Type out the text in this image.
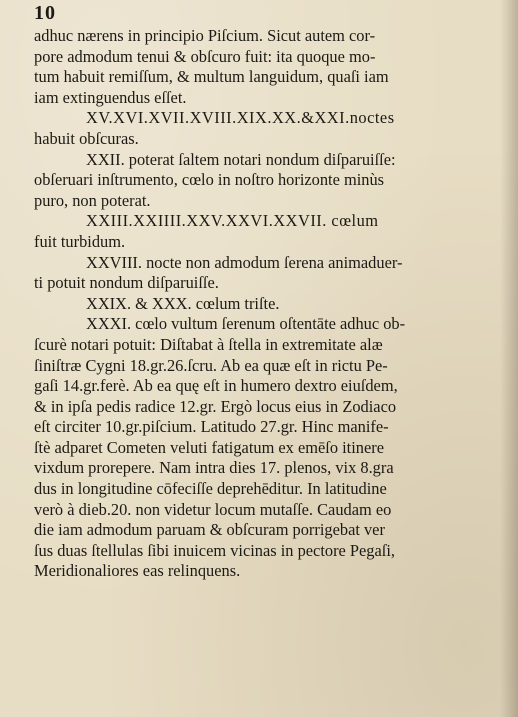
10
adhuc nærens in principio Piſcium. Sicut autem cor-
pore admodum tenui & obſcuro fuit: ita quoque mo-
tum habuit remiſſum, & multum languidum, quaſi iam
iam extinguendus eſſet.
XV.XVI.XVII.XVIII.XIX.XX.&XXI.noctes
habuit obſcuras.
XXII. poterat ſaltem notari nondum diſparuiſſe:
obſeruari inſtrumento, cœlo in noſtro horizonte minùs
puro, non poterat.
XXIII.XXIIII.XXV.XXVI.XXVII. cœlum
fuit turbidum.
XXVIII. nocte non admodum ſerena animaduer-
ti potuit nondum diſparuiſſe.
XXIX. & XXX. cœlum triſte.
XXXI. cœlo vultum ſerenum oſtentāte adhuc ob-
ſcurè notari potuit: Diſtabat à ſtella in extremitate alæ
ſiniſtræ Cygni 18.gr.26.ſcru. Ab ea quæ eſt in rictu Pe-
gaſi 14.gr.ferè. Ab ea quę eſt in humero dextro eiuſdem,
& in ipſa pedis radice 12.gr. Ergò locus eius in Zodiaco
eſt circiter 10.gr.piſcium. Latitudo 27.gr. Hinc manife-
ſtè adparet Cometen veluti fatigatum ex emēſo itinere
vixdum prorepere. Nam intra dies 17. plenos, vix 8.gra
dus in longitudine cōfeciſſe deprehēditur. In latitudine
verò à dieb.20. non videtur locum mutaſſe. Caudam eo
die iam admodum paruam & obſcuram porrigebat ver
ſus duas ſtellulas ſibi inuicem vicinas in pectore Pegaſi,
Meridionaliores eas relinquens.
